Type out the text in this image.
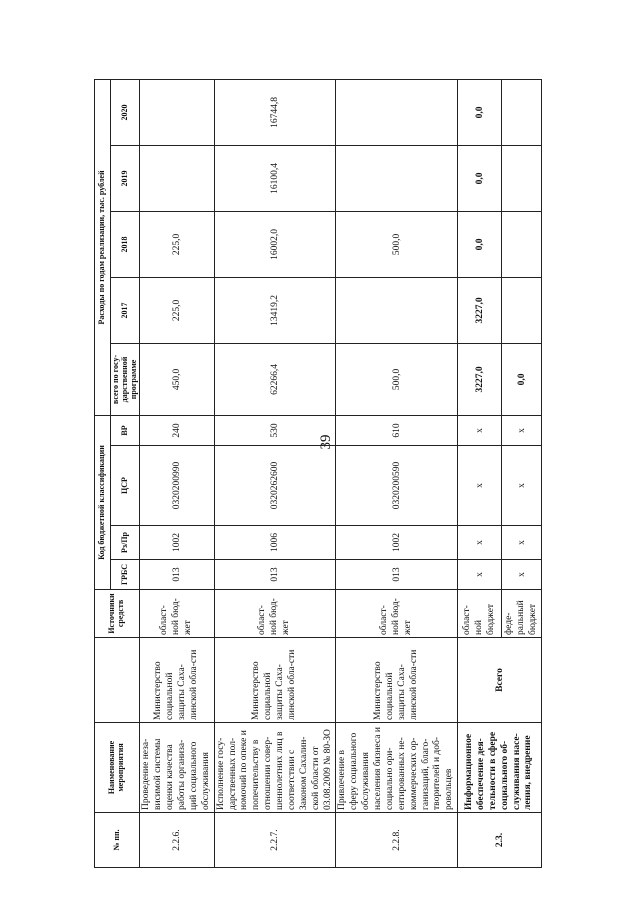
39
№ пп.	Наименование мероприятия		Источники средств	Код бюджетной классификации				Расходы по годам реализации, тыс. рублей				
				ГРБС	Рз/Пр	ЦСР	ВР	всего по госу-дарственной программе	2017	2018	2019	2020
2.2.6.	Проведение неза-висимой системы оценки качества работы организа-ций социального обслуживания	Министерство социальной защиты Саха-линской обла-сти	област-ной бюд-жет	013	1002	0320200990	240	450,0	225,0	225,0		
2.2.7.	Исполнение госу-дарственных пол-номочий по опеке и попечительству в отношении совер-шеннолетних лиц в соответствии с Законом Сахалин-ской области от 03.08.2009 № 80-ЗО	Министерство социальной защиты Саха-линской обла-сти	област-ной бюд-жет	013	1006	0320262600	530	62266,4	13419,2	16002,0	16100,4	16744,8
2.2.8.	Привлечение в сферу социального обслуживания населения бизнеса и социально ори-ентированных не-коммерческих ор-ганизаций, благо-творителей и доб-ровольцев	Министерство социальной защиты Саха-линской обла-сти	област-ной бюд-жет	013	1002	0320200590	610	500,0		500,0		
2.3.	Информационное обеспечение дея-тельности в сфере социального об-служивания насе-ления, внедрение	Всего	област-ной бюджет	х	х	х	х	3227,0	3227,0	0,0	0,0	0,0
			феде-ральный бюджет	х	х	х	х	0,0				
